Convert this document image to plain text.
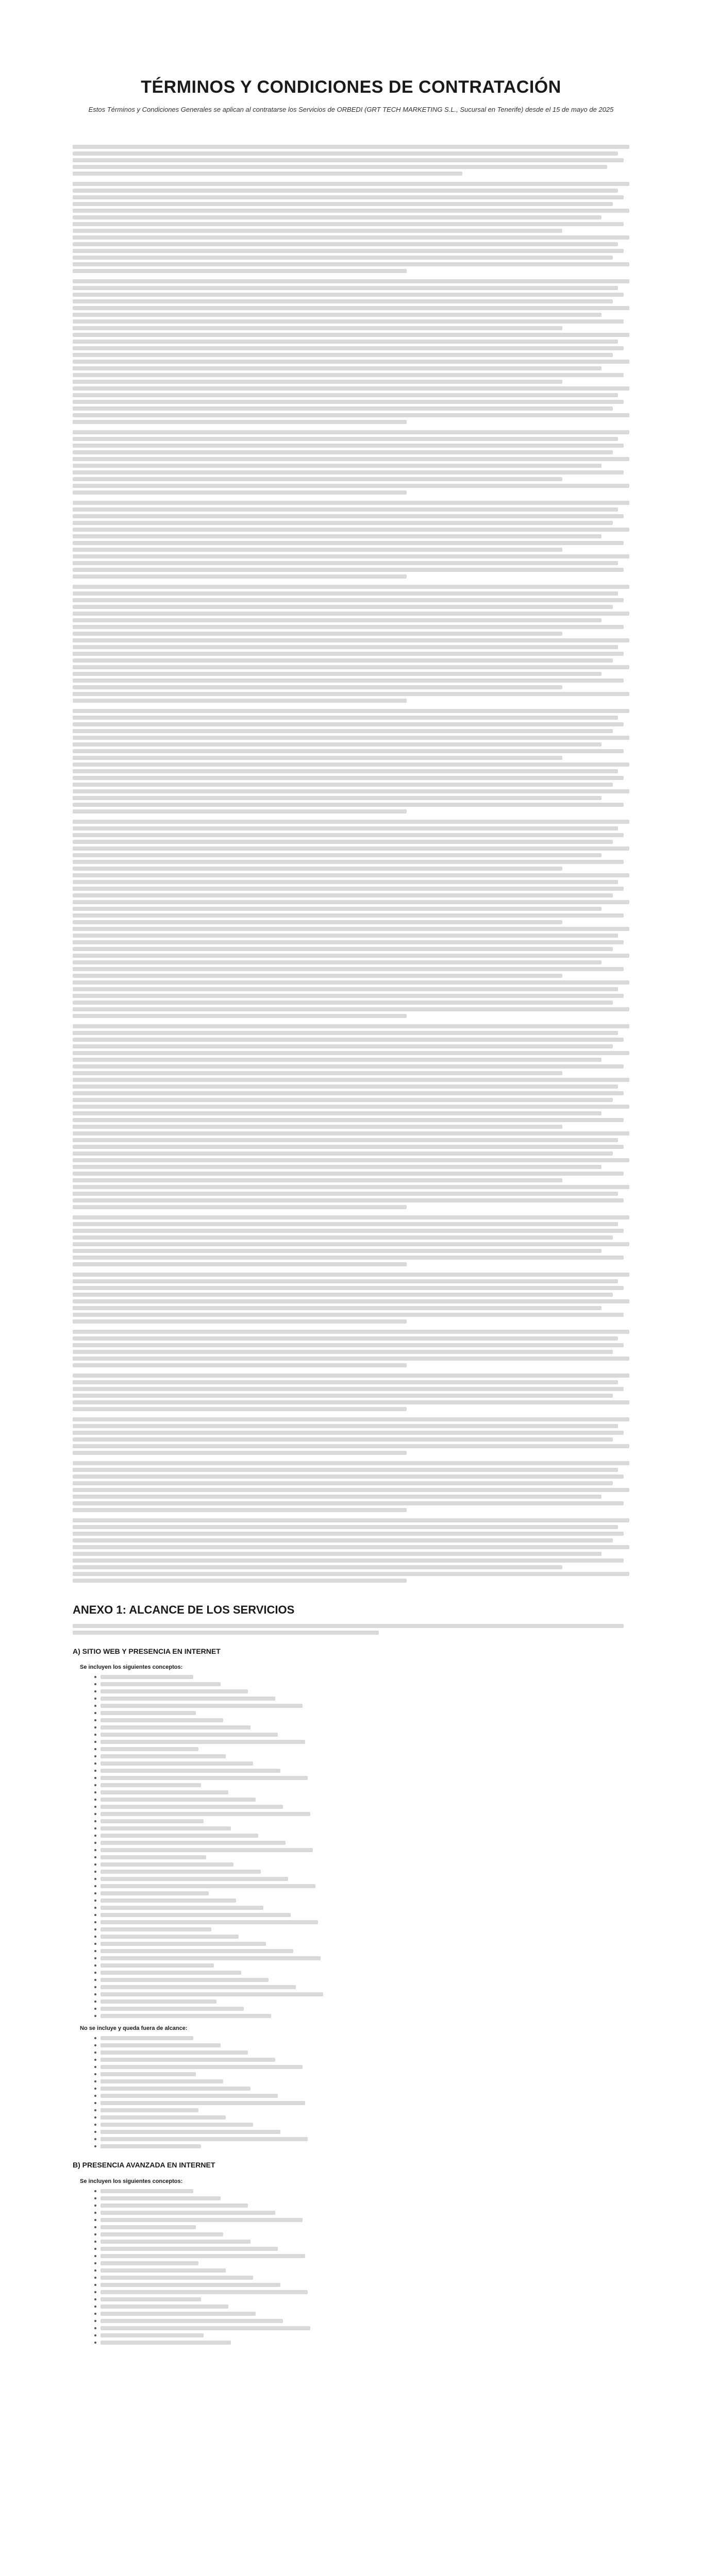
TÉRMINOS Y CONDICIONES DE CONTRATACIÓN

Estos Términos y Condiciones Generales se aplican al contratarse los Servicios de ORBEDI (GRT TECH MARKETING S.L., Sucursal en Tenerife) desde el 15 de mayo de 2025

ANEXO 1: ALCANCE DE LOS SERVICIOS
A) SITIO WEB Y PRESENCIA EN INTERNET
Se incluyen los siguientes conceptos:
No se incluye y queda fuera de alcance:
B) PRESENCIA AVANZADA EN INTERNET
Se incluyen los siguientes conceptos:
